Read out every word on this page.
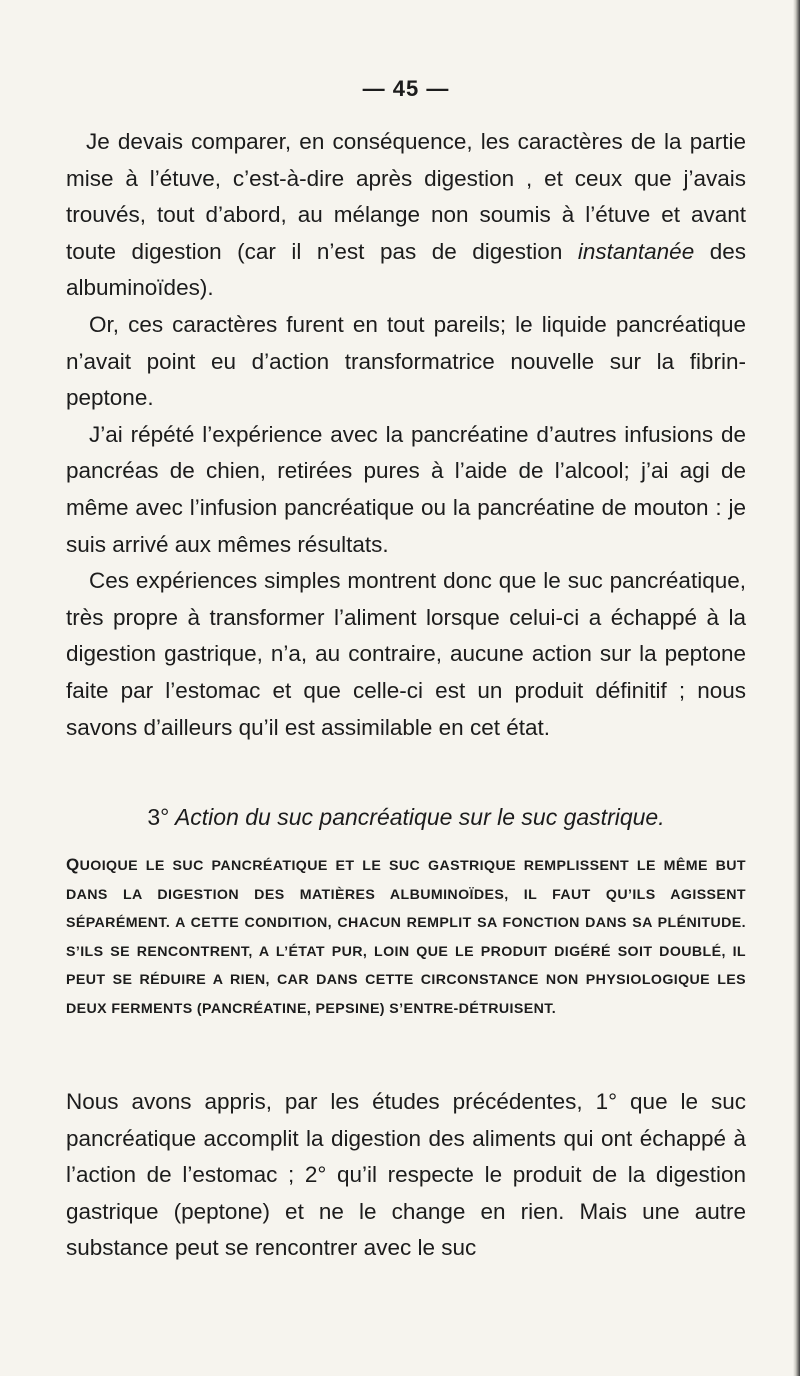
— 45 —

Je devais comparer, en conséquence, les caractères de la partie mise à l’étuve, c’est-à-dire après digestion , et ceux que j’avais trouvés, tout d’abord, au mélange non soumis à l’étuve et avant toute digestion (car il n’est pas de digestion instantanée des albuminoïdes).

Or, ces caractères furent en tout pareils; le liquide pancréatique n’avait point eu d’action transformatrice nouvelle sur la fibrin-peptone.

J’ai répété l’expérience avec la pancréatine d’autres infusions de pancréas de chien, retirées pures à l’aide de l’alcool; j’ai agi de même avec l’infusion pancréatique ou la pancréatine de mouton : je suis arrivé aux mêmes résultats.

Ces expériences simples montrent donc que le suc pancréatique, très propre à transformer l’aliment lorsque celui-ci a échappé à la digestion gastrique, n’a, au contraire, aucune action sur la peptone faite par l’estomac et que celle-ci est un produit définitif ; nous savons d’ailleurs qu’il est assimilable en cet état.

3° Action du suc pancréatique sur le suc gastrique.
QUOIQUE LE SUC PANCRÉATIQUE ET LE SUC GASTRIQUE REMPLISSENT LE MÊME BUT DANS LA DIGESTION DES MATIÈRES ALBUMINOÏDES, IL FAUT QU’ILS AGISSENT SÉPARÉMENT. A CETTE CONDITION, CHACUN REMPLIT SA FONCTION DANS SA PLÉNITUDE. S’ILS SE RENCONTRENT, A L’ÉTAT PUR, LOIN QUE LE PRODUIT DIGÉRÉ SOIT DOUBLÉ, IL PEUT SE RÉDUIRE A RIEN, CAR DANS CETTE CIRCONSTANCE NON PHYSIOLOGIQUE LES DEUX FERMENTS (PANCRÉATINE, PEPSINE) S’ENTRE-DÉTRUISENT.

Nous avons appris, par les études précédentes, 1° que le suc pancréatique accomplit la digestion des aliments qui ont échappé à l’action de l’estomac ; 2° qu’il respecte le produit de la digestion gastrique (peptone) et ne le change en rien. Mais une autre substance peut se rencontrer avec le suc
